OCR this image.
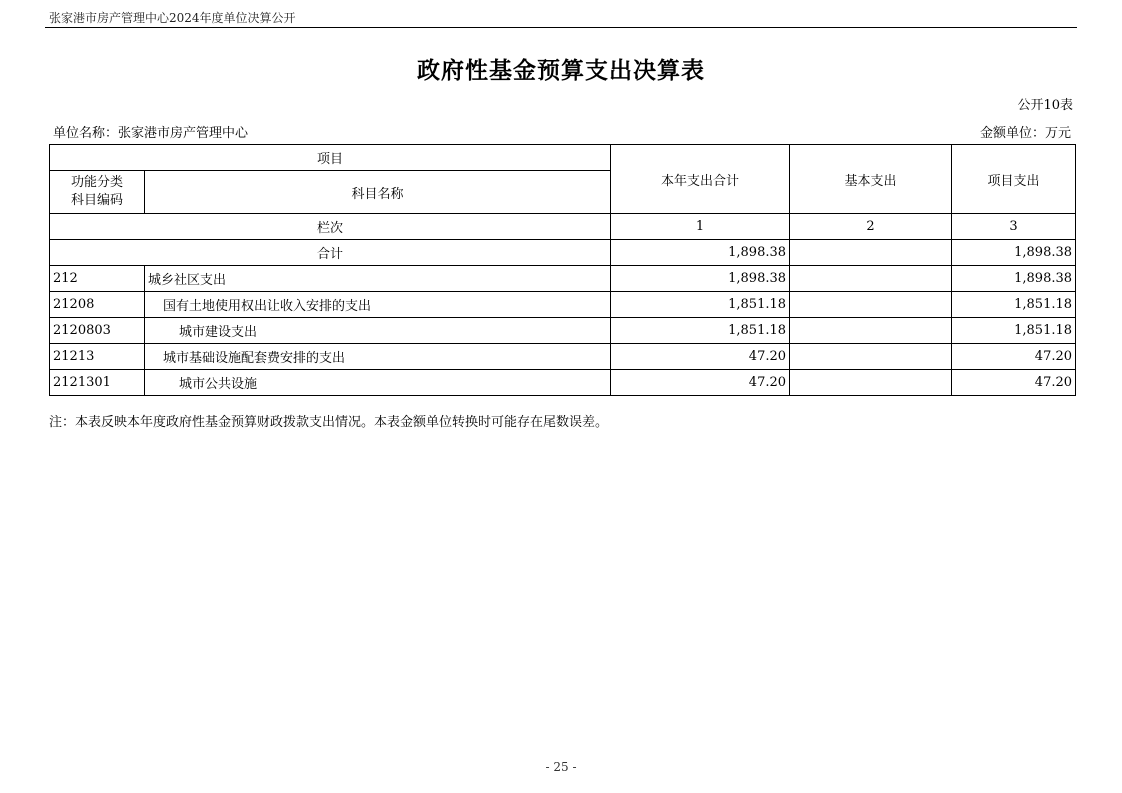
张家港市房产管理中心2024年度单位决算公开
政府性基金预算支出决算表
公开10表
单位名称：张家港市房产管理中心	金额单位：万元
项目		本年支出合计	基本支出	项目支出

功能分类
科目编码	科目名称			
栏次		1	2	3
合计		1,898.38		1,898.38
212	城乡社区支出	1,898.38		1,898.38
21208	国有土地使用权出让收入安排的支出	1,851.18		1,851.18
2120803	城市建设支出	1,851.18		1,851.18
21213	城市基础设施配套费安排的支出	47.20		47.20
2121301	城市公共设施	47.20		47.20
注：本表反映本年度政府性基金预算财政拨款支出情况。本表金额单位转换时可能存在尾数误差。
- 25 -
